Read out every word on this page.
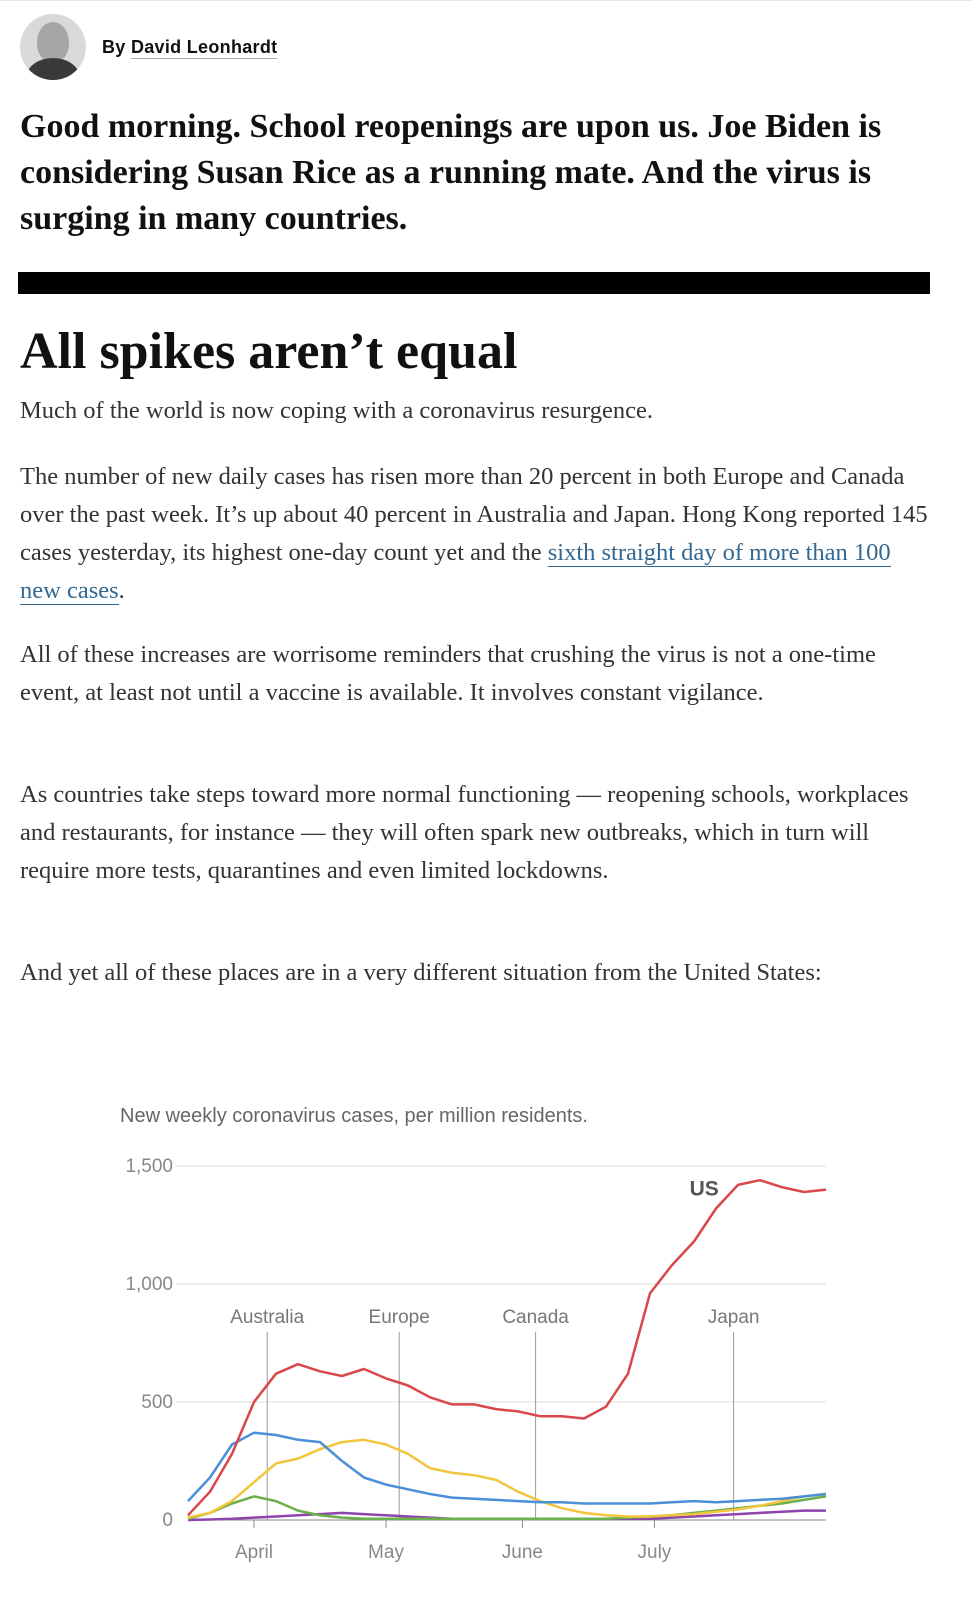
By David Leonhardt

Good morning. School reopenings are upon us. Joe Biden is considering Susan Rice as a running mate. And the virus is surging in many countries.

All spikes aren’t equal

Much of the world is now coping with a coronavirus resurgence.

The number of new daily cases has risen more than 20 percent in both Europe and Canada over the past week. It’s up about 40 percent in Australia and Japan. Hong Kong reported 145 cases yesterday, its highest one-day count yet and the sixth straight day of more than 100 new cases.

All of these increases are worrisome reminders that crushing the virus is not a one-time event, at least not until a vaccine is available. It involves constant vigilance.

As countries take steps toward more normal functioning — reopening schools, workplaces and restaurants, for instance — they will often spark new outbreaks, which in turn will require more tests, quarantines and even limited lockdowns.

And yet all of these places are in a very different situation from the United States:

New weekly coronavirus cases, per million residents.
0
500
1,000
1,500
Australia	Europe	Canada	Japan
US
April	May	June	July
